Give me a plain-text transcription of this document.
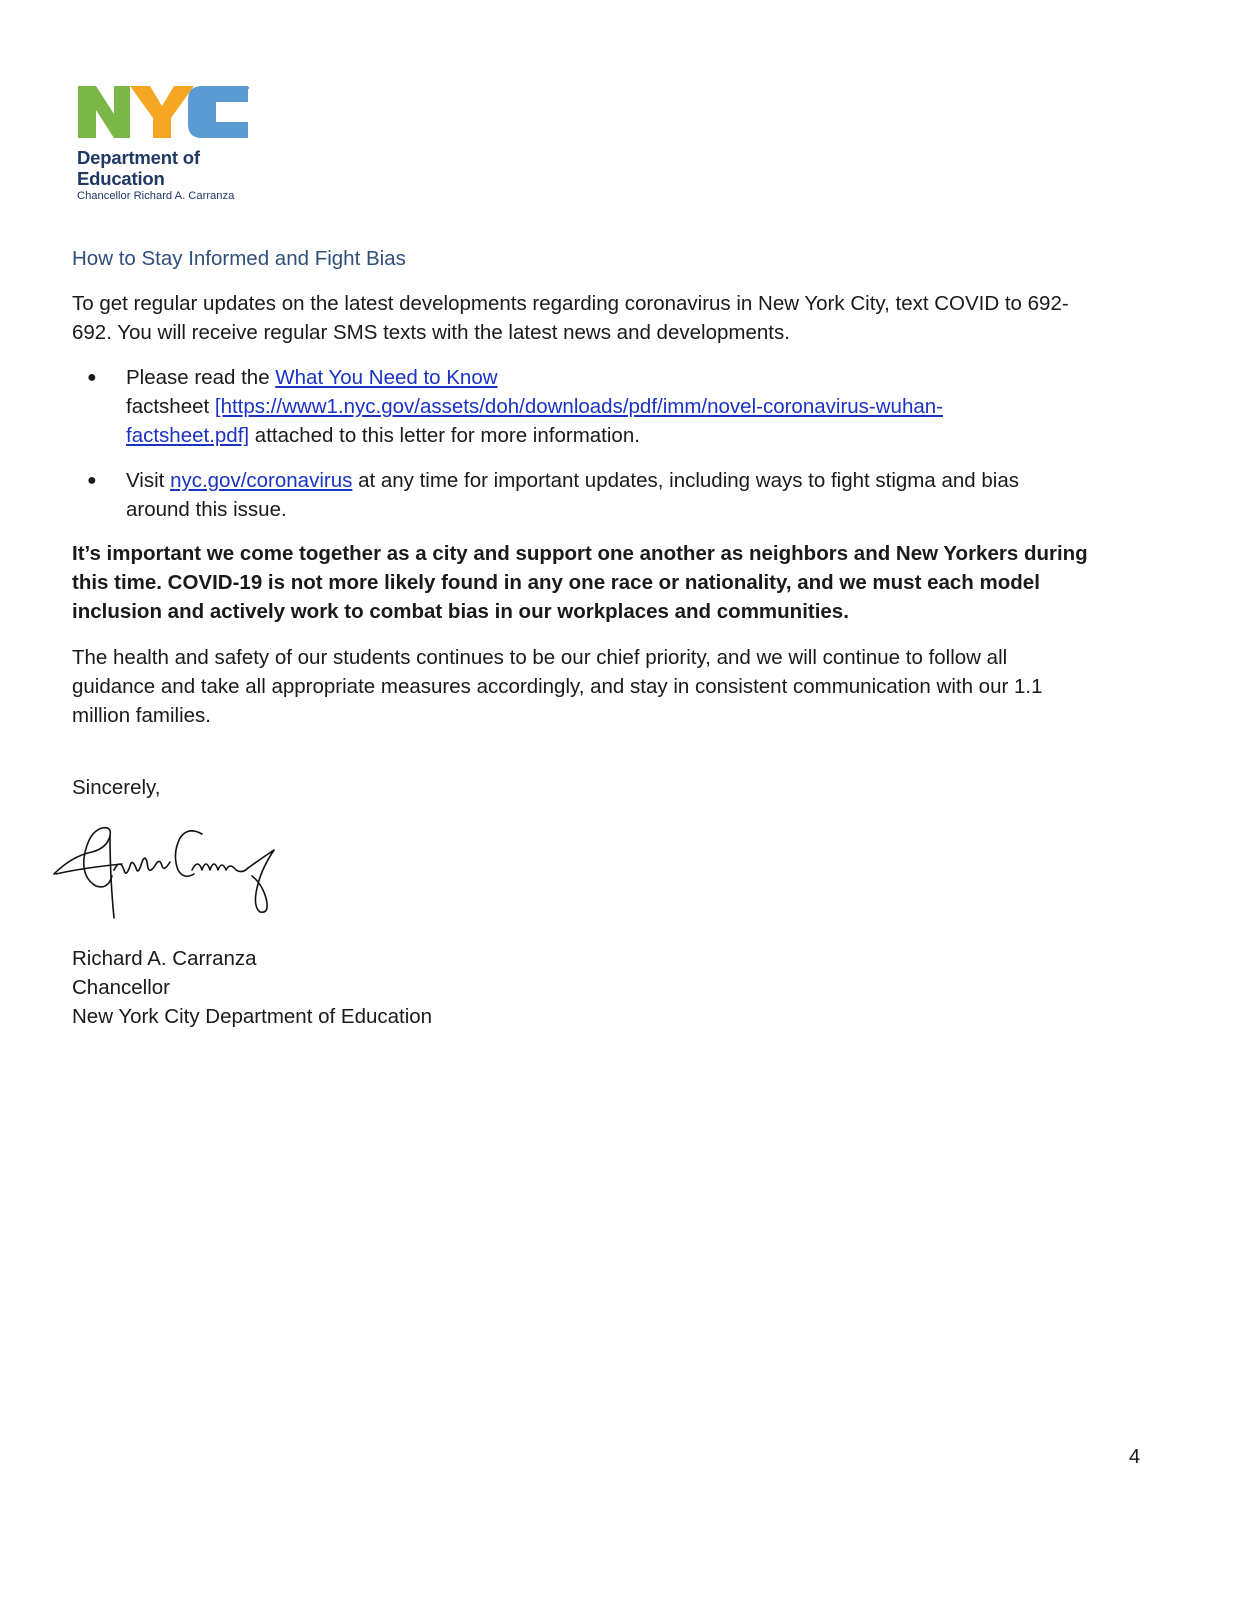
Department of
Education
Chancellor Richard A. Carranza
How to Stay Informed and Fight Bias
To get regular updates on the latest developments regarding coronavirus in New York City, text COVID to 692-
692. You will receive regular SMS texts with the latest news and developments.
● Please read the What You Need to Know
factsheet [https://www1.nyc.gov/assets/doh/downloads/pdf/imm/novel-coronavirus-wuhan-
factsheet.pdf] attached to this letter for more information.
● Visit nyc.gov/coronavirus at any time for important updates, including ways to fight stigma and bias
around this issue.
It’s important we come together as a city and support one another as neighbors and New Yorkers during
this time. COVID-19 is not more likely found in any one race or nationality, and we must each model
inclusion and actively work to combat bias in our workplaces and communities.
The health and safety of our students continues to be our chief priority, and we will continue to follow all
guidance and take all appropriate measures accordingly, and stay in consistent communication with our 1.1
million families.
Sincerely,
Richard A. Carranza
Chancellor
New York City Department of Education
4
